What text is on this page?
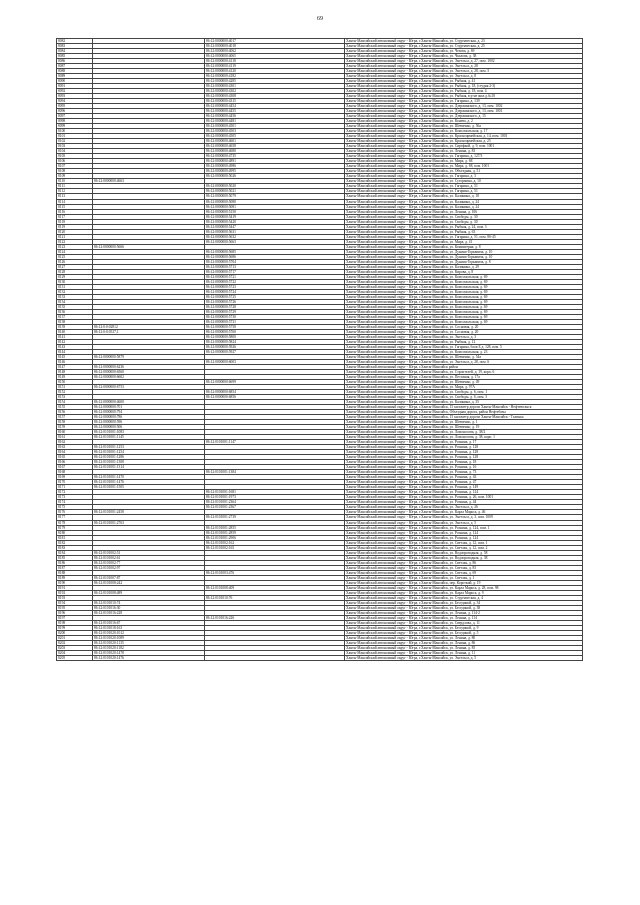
69
8082		86:12:0000000:4017	Ханты-Мансийский автономный округ - Югра, г.Ханты-Мансийск, ул. Студенческая, д. 23
8083		86:12:0000000:4018	Ханты-Мансийский автономный округ - Югра, г.Ханты-Мансийск, ул. Студенческая, д. 25
8084		86:12:0000000:4062	Ханты-Мансийский автономный округ - Югра, г.Ханты-Мансийск, ул. Чехова, д. 69
8085		86:12:0000000:4065	Ханты-Мансийский автономный округ - Югра, г.Ханты-Мансийск, ул. Чкалова, д. 38
8086		86:12:0000000:4118	Ханты-Мансийский автономный округ - Югра, г.Ханты-Мансийск, ул. Энгельса, д. 27, пом. 1002
8087		86:12:0000000:4119	Ханты-Мансийский автономный округ - Югра, г.Ханты-Мансийск, ул. Энгельса, д. 28
8088		86:12:0000000:4120	Ханты-Мансийский автономный округ - Югра, г.Ханты-Мансийск, ул. Энгельса, д. 28, пом. 5
8089		86:12:0000000:4182	Ханты-Мансийский автономный округ - Югра, г.Ханты-Мансийск, ул. Энгельса, д. 8
8090		86:12:0000000:4285	Ханты-Мансийский автономный округ - Югра, г.Ханты-Мансийск, ул. Рыбная, д. 41
8091		86:12:0000000:4301	Ханты-Мансийский автономный округ - Югра, г.Ханты-Мансийск, ул. Рыбная, д. 18, (студия 2-3)
8092		86:12:0000000:4302	Ханты-Мансийский автономный округ - Югра, г.Ханты-Мансийск, ул. Рыбная, д. 18, пом. 4
8093		86:12:0000000:4308	Ханты-Мансийский автономный округ - Югра, г.Ханты-Мансийск, ул. Рыбная, в р-не жил.д.№10
8094		86:12:0000000:4315	Ханты-Мансийский автономный округ - Югра, г.Ханты-Мансийск, ул. Гагарина, д. 139
8095		86:12:0000000:4454	Ханты-Мансийский автономный округ - Югра, г.Ханты-Мансийск, ул. Дзержинского, д. 13, пом. 1002
8096		86:12:0000000:4455	Ханты-Мансийский автономный округ - Югра, г.Ханты-Мансийск, ул. Дзержинского, д. 13, пом. 1001
8097		86:12:0000000:4456	Ханты-Мансийский автономный округ - Югра, г.Ханты-Мансийск, ул. Дзержинского, д. 15
8098		86:12:0000000:4481	Ханты-Мансийский автономный округ - Югра, г.Ханты-Мансийск, ул. Конева, д. 2
8099		86:12:0000000:4501	Ханты-Мансийский автономный округ - Югра, г.Ханты-Мансийск, ул. Шевченко, д. 56а
8100		86:12:0000000:4503	Ханты-Мансийский автономный округ - Югра, г.Ханты-Мансийск, ул. Комсомольская, д. 17
8101		86:12:0000000:4505	Ханты-Мансийский автономный округ - Югра, г.Ханты-Мансийск, ул. Красноармейская, д. 14, пом. 1001
8102		86:12:0000000:4601	Ханты-Мансийский автономный округ - Югра, г.Ханты-Мансийск, ул. Красноармейская, д. 25
8103		86:12:0000000:4658	Ханты-Мансийский автономный округ - Югра, г.Ханты-Мансийск, ул. Сирефкой, д. 9, пом. 1001
8104		86:12:0000000:4680	Ханты-Мансийский автономный округ - Югра, г.Ханты-Мансийск, ул. Ленина, д. 83
8105		86:12:0000000:4735	Ханты-Мансийский автономный округ - Югра, г.Ханты-Мансийск, ул. Гагарина, д. 127/3
8106		86:12:0000000:4891	Ханты-Мансийский автономный округ - Югра, г.Ханты-Мансийск, ул. Мира, д. 68
8107		86:12:0000000:4986	Ханты-Мансийский автономный округ - Югра, г.Ханты-Мансийск, ул. Мира, д. 68, пом. 1001
8108		86:12:0000000:4995	Ханты-Мансийский автономный округ - Югра, г.Ханты-Мансийск, ул. Объездная, д. 51
8109		86:12:0000000:5026	Ханты-Мансийский автономный округ - Югра, г.Ханты-Мансийск, ул. Гагарина, д. 3
8110	86:12:0000000:4663		Ханты-Мансийский автономный округ - Югра, г.Ханты-Мансийск, ул. Сутормина, д. 10
8111		86:12:0000000:5020	Ханты-Мансийский автономный округ - Югра, г.Ханты-Мансийск, ул. Гагарина, д. 51
8112		86:12:0000000:5021	Ханты-Мансийский автономный округ - Югра, г.Ханты-Мансийск, ул. Гагарина, д. 51
8113		86:12:0000000:5079	Ханты-Мансийский автономный округ - Югра, г.Ханты-Мансийск, ул. Калинина, д. 18
8114		86:12:0000000:5080	Ханты-Мансийский автономный округ - Югра, г.Ханты-Мансийск, ул. Калинина, д. 24
8115		86:12:0000000:5081	Ханты-Мансийский автономный округ - Югра, г.Ханты-Мансийск, ул. Калинина, д. 24
8116		86:12:0000000:5150	Ханты-Мансийский автономный округ - Югра, г.Ханты-Мансийск, ул. Ленина, д. 106
8117		86:12:0000000:5419	Ханты-Мансийский автономный округ - Югра, г.Ханты-Мансийск, ул. Свободы, д. 30
8118		86:12:0000000:5420	Ханты-Мансийский автономный округ - Югра, г.Ханты-Мансийск, ул. Свободы, д. 30
8119		86:12:0000000:5447	Ханты-Мансийский автономный округ - Югра, г.Ханты-Мансийск, ул. Рыбная, д. 24, пом. 3
8120		86:12:0000000:5631	Ханты-Мансийский автономный округ - Югра, г.Ханты-Мансийск, ул. Рыбная, д. 63
8121		86:12:0000000:5632	Ханты-Мансийский автономный округ - Югра, г.Ханты-Мансийск, ул. Гагарина, д. 51, пом. 86-45
8122		86:12:0000000:5663	Ханты-Мансийский автономный округ - Югра, г.Ханты-Мансийск, ул. Мира, д. 41
8123	86:12:0000000:5666		Ханты-Мансийский автономный округ - Югра, г.Ханты-Мансийск, ул. Коминтерна, д. 8
8124		86:12:0000000:5685	Ханты-Мансийский автономный округ - Югра, г.Ханты-Мансийск, ул. Дунина-Горкавича, д. 10
8125		86:12:0000000:5686	Ханты-Мансийский автономный округ - Югра, г.Ханты-Мансийск, ул. Дунина-Горкавича, д. 10
8126		86:12:0000000:5704	Ханты-Мансийский автономный округ - Югра, г.Ханты-Мансийск, ул. Дунина-Горкавича, д. 8
8127		86:12:0000000:5713	Ханты-Мансийский автономный округ - Югра, г.Ханты-Мансийск, ул. Калинина, д. 29
8128		86:12:0000000:5717	Ханты-Мансийский автономный округ - Югра, г.Ханты-Мансийск, ул. Кирова, д. 8
8129		86:12:0000000:5721	Ханты-Мансийский автономный округ - Югра, г.Ханты-Мансийск, ул. Комсомольская, д. 69
8130		86:12:0000000:5722	Ханты-Мансийский автономный округ - Югра, г.Ханты-Мансийск, ул. Комсомольская, д. 69
8131		86:12:0000000:5723	Ханты-Мансийский автономный округ - Югра, г.Ханты-Мансийск, ул. Комсомольская, д. 69
8132		86:12:0000000:5724	Ханты-Мансийский автономный округ - Югра, г.Ханты-Мансийск, ул. Комсомольская, д. 69
8133		86:12:0000000:5725	Ханты-Мансийский автономный округ - Югра, г.Ханты-Мансийск, ул. Комсомольская, д. 69
8134		86:12:0000000:5726	Ханты-Мансийский автономный округ - Югра, г.Ханты-Мансийск, ул. Комсомольская, д. 69
8135		86:12:0000000:5728	Ханты-Мансийский автономный округ - Югра, г.Ханты-Мансийск, ул. Комсомольская, д. 69
8136		86:12:0000000:5729	Ханты-Мансийский автономный округ - Югра, г.Ханты-Мансийск, ул. Комсомольская, д. 69
8137		86:12:0000000:5730	Ханты-Мансийский автономный округ - Югра, г.Ханты-Мансийск, ул. Комсомольская, д. 69
8138		86:12:0000000:5731	Ханты-Мансийский автономный округ - Югра, г.Ханты-Мансийск, ул. Комсомольская, д. 69
8139	86:12:0:0:02812	86:12:0000000:5758	Ханты-Мансийский автономный округ - Югра, г.Ханты-Мансийск, ул. Сосновая, д. 20
8140	86:12:0:0:0317,1	86:12:0000000:5760	Ханты-Мансийский автономный округ - Югра, г.Ханты-Мансийск, ул. Сосновая, д. 20
8141		86:12:0000000:5800	Ханты-Мансийский автономный округ - Югра, г.Ханты-Мансийск, ул. Энгельса, д. 3
8142		86:12:0000000:5824	Ханты-Мансийский автономный округ - Югра, г.Ханты-Мансийск, ул. Рыбная, д. 12
8143		86:12:0000000:5926	Ханты-Мансийский автономный округ - Югра, г.Ханты-Мансийск, ул. Гагарина, блок Б д. 128, пом. 5
8144		86:12:0000000:5927	Ханты-Мансийский автономный округ - Югра, г.Ханты-Мансийск, ул. Комсомольская, д. 23
8145	86:12:0000000:5879		Ханты-Мансийский автономный округ - Югра, г.Ханты-Мансийск, ул. Шевченко, д. 54а
8146		86:12:0000000:6003	Ханты-Мансийский автономный округ - Югра, г.Ханты-Мансийск, ул. Энгельса, д. 28, пом. 6
8147	86:12:0000000:6236		Ханты-Мансийский автономный округ - Югра, г.Ханты-Мансийск район
8148	86:12:0000000:6560		Ханты-Мансийский автономный округ - Югра, г.Ханты-Мансийск, ул. Строителей, д. 19, корп. 6
8149	86:12:0000000:6602		Ханты-Мансийский автономный округ - Югра, г.Ханты-Мансийск, ул. Песчаная, д. 17а
8150		86:12:0000000:6699	Ханты-Мансийский автономный округ - Югра, г.Ханты-Мансийск, ул. Шевченко, д. 49
8151	86:12:0000000:6753		Ханты-Мансийский автономный округ - Югра, г.Ханты-Мансийск, ул. Мира, д. 97А
8152		86:12:0000000:6854	Ханты-Мансийский автономный округ - Югра, г.Ханты-Мансийск, ул. Свободы, д. 6, пом. 1
8153		86:12:0000000:6856	Ханты-Мансийский автономный округ - Югра, г.Ханты-Мансийск, ул. Свободы, д. 6, пом. 3
8154	86:12:0000000:4600		Ханты-Мансийский автономный округ - Югра, г.Ханты-Мансийск, ул. Калинина, д. 35
8155	86:12:0000000:701		Ханты-Мансийский автономный округ - Югра, г.Ханты-Мансийск, 15 километр дороги Ханты-Мансийск - Нефтеюганск
8156	86:12:0000000:794		Ханты-Мансийский автономный округ - Югра, г.Ханты-Мансийск, Объездная дорога, район Нефтебазы
8157	86:12:0000000:786		Ханты-Мансийский автономный округ - Югра, г.Ханты-Мансийск, 15 километр дороги Ханты-Мансийск - Талинка
8158	86:12:0000000:596		Ханты-Мансийский автономный округ - Югра, г.Ханты-Мансийск, ул. Шевченко, д. 1
8159	86:12:0000000:506		Ханты-Мансийский автономный округ - Югра, г.Ханты-Мансийск, ул. Шевченко, д. 19
8160	86:12:0101001:1083		Ханты-Мансийский автономный округ - Югра, г.Ханты-Мансийск, ул. Ломоносова, д. 38/2
8161	86:12:0101001:1145		Ханты-Мансийский автономный округ - Югра, г.Ханты-Мансийск, ул. Ломоносова, д. 38, корп. 1
8162		86:12:0101001:1147	Ханты-Мансийский автономный округ - Югра, г.Ханты-Мансийск, ул. Рознина, д. 17
8163	86:12:0101001:1253		Ханты-Мансийский автономный округ - Югра, г.Ханты-Мансийск, ул. Рознина, д. 128
8164	86:12:0101001:1254		Ханты-Мансийский автономный округ - Югра, г.Ханты-Мансийск, ул. Рознина, д. 128
8165	86:12:0101001:1286		Ханты-Мансийский автономный округ - Югра, г.Ханты-Мансийск, ул. Рознина, д. 128
8166	86:12:0101001:1308		Ханты-Мансийский автономный округ - Югра, г.Ханты-Мансийск, ул. Рознина, д. 18
8167	86:12:0101001:1314		Ханты-Мансийский автономный округ - Югра, г.Ханты-Мансийск, ул. Рознина, д. 16
8168		86:12:0101001:1384	Ханты-Мансийский автономный округ - Югра, г.Ханты-Мансийск, ул. Рознина, д. 73
8169	86:12:0101001:1470		Ханты-Мансийский автономный округ - Югра, г.Ханты-Мансийск, ул. Рознина, д. 43
8170	86:12:0101001:1476		Ханты-Мансийский автономный округ - Югра, г.Ханты-Мансийск, ул. Рознина, д. 47
8171	86:12:0101001:1505		Ханты-Мансийский автономный округ - Югра, г.Ханты-Мансийск, ул. Рознина, д. 149
8172		86:12:0101001:1681	Ханты-Мансийский автономный округ - Югра, г.Ханты-Мансийск, ул. Рознина, д. 124
8173		86:12:0101001:1973	Ханты-Мансийский автономный округ - Югра, г.Ханты-Мансийск, ул. Рознина, д. 26, пом. 1001
8174		86:12:0101001:2364	Ханты-Мансийский автономный округ - Югра, г.Ханты-Мансийск, ул. Рознина, д. 44
8175		86:12:0101001:2367	Ханты-Мансийский автономный округ - Югра, г.Ханты-Мансийск, ул. Энгельса, д. 26
8176	86:12:0101001:2458		Ханты-Мансийский автономный округ - Югра, г.Ханты-Мансийск, ул. Карла Маркса, д. 46
8177		86:12:0101001:2739	Ханты-Мансийский автономный округ - Югра, г.Ханты-Мансийск, ул. Энгельса, д. 3, пом. 1009
8178	86:12:0101001:2763		Ханты-Мансийский автономный округ - Югра, г.Ханты-Мансийск, ул. Энгельса, д. 5
8179		86:12:0101001:2855	Ханты-Мансийский автономный округ - Югра, г.Ханты-Мансийск, ул. Рознина, д. 124, пом. 1
8180		86:12:0101001:2859	Ханты-Мансийский автономный округ - Югра, г.Ханты-Мансийск, ул. Рознина, д. 124
8181		86:12:0101001:2906	Ханты-Мансийский автономный округ - Югра, г.Ханты-Мансийск, ул. Рознина, д. 124
8182		86:12:0101002:162	Ханты-Мансийский автономный округ - Югра, г.Ханты-Мансийск, ул. Светлая, д. 12, пом. 1
8183		86:12:0101002:165	Ханты-Мансийский автономный округ - Югра, г.Ханты-Мансийск, ул. Светлая, д. 12, пом. 2
8184	86:12:0101002:51		Ханты-Мансийский автономный округ - Югра, г.Ханты-Мансийск, ул. Водопроводная, д. 58
8185	86:12:0101002:61		Ханты-Мансийский автономный округ - Югра, г.Ханты-Мансийск, ул. Водопроводная, д. 38
8186	86:12:0101002:77		Ханты-Мансийский автономный округ - Югра, г.Ханты-Мансийск, ул. Светлая, д. 86
8187	86:12:0101002:97		Ханты-Мансийский автономный округ - Югра, г.Ханты-Мансийск, ул. Светлая, д. 83
8188		86:12:0101003:476	Ханты-Мансийский автономный округ - Югра, г.Ханты-Мансийск, ул. Светлая, д. 69
8189	86:12:0101007:87		Ханты-Мансийский автономный округ - Югра, г.Ханты-Мансийск, ул. Светлая, д. 1
8190	86:12:0101008:242		Ханты-Мансийский автономный округ - Югра, г.Ханты-Мансийск, пер. Короткий, д. 19
8191		86:12:0101008:409	Ханты-Мансийский автономный округ - Югра, г.Ханты-Мансийск, ул. Карла Маркса, д. 28, пом. 98
8192	86:12:0101008:489		Ханты-Мансийский автономный округ - Югра, г.Ханты-Мансийск, ул. Карла Маркса, д. 9
8193		86:12:0101010:76	Ханты-Мансийский автономный округ - Югра, г.Ханты-Мансийск, ул. Студенческая, д. 4
8194	86:12:0101010:74		Ханты-Мансийский автономный округ - Югра, г.Ханты-Мансийск, ул. Бесединой, д. 34
8195	86:12:0101016:30		Ханты-Мансийский автономный округ - Югра, г.Ханты-Мансийск, ул. Бесединой, д. 38
8196	86:12:0101016:228		Ханты-Мансийский автономный округ - Югра, г.Ханты-Мансийск, ул. Ленина, д. 114-2
8197		86:12:0101016:226	Ханты-Мансийский автономный округ - Югра, г.Ханты-Мансийск, ул. Ленина, д. 114
8198	86:12:0101016:67		Ханты-Мансийский автономный округ - Югра, г.Ханты-Мансийск, ул. Свердлова, д. 11
8199	86:12:0101018:163		Ханты-Мансийский автономный округ - Югра, г.Ханты-Мансийск, ул. Бесединой, д. 9
8200	86:12:0101020:1012		Ханты-Мансийский автономный округ - Югра, г.Ханты-Мансийск, ул. Бесединой, д. 5
8201	86:12:0101020:1089		Ханты-Мансийский автономный округ - Югра, г.Ханты-Мансийск, ул. Ленина, д. 80
8202	86:12:0101020:1135		Ханты-Мансийский автономный округ - Югра, г.Ханты-Мансийск, ул. Ленина, д. 86
8203	86:12:0101020:1182		Ханты-Мансийский автономный округ - Югра, г.Ханты-Мансийск, ул. Ленина, д. 85
8204	86:12:0101020:1478		Ханты-Мансийский автономный округ - Югра, г.Ханты-Мансийск, ул. Ленина, д. 11
8205	86:12:0101020:1476		Ханты-Мансийский автономный округ - Югра, г.Ханты-Мансийск, ул. Энгельса, д. 5
